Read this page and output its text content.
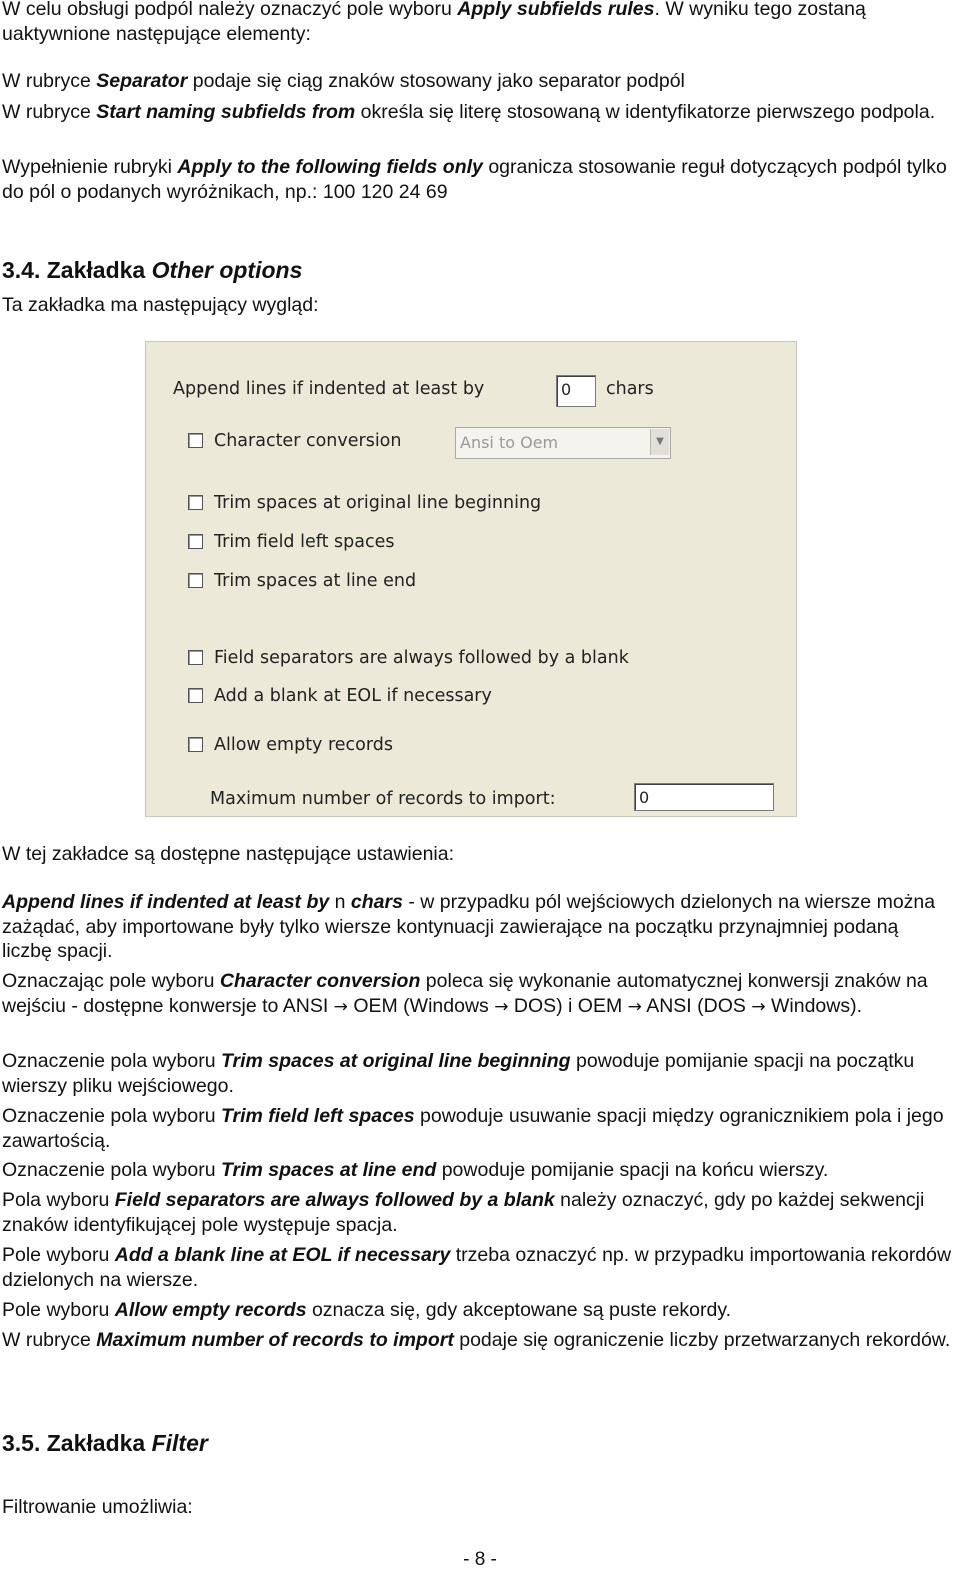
W celu obsługi podpól należy oznaczyć pole wyboru Apply subfields rules. W wyniku tego zostaną uaktywnione następujące elementy:

W rubryce Separator podaje się ciąg znaków stosowany jako separator podpól

W rubryce Start naming subfields from określa się literę stosowaną w identyfikatorze pierwszego podpola.

Wypełnienie rubryki Apply to the following fields only ogranicza stosowanie reguł dotyczących podpól tylko do pól o podanych wyróżnikach, np.: 100 120 24 69

3.4. Zakładka Other options

Ta zakładka ma następujący wygląd:

Append lines if indented at least by	0	chars
Character conversion	Ansi to Oem	▼
Trim spaces at original line beginning
Trim field left spaces
Trim spaces at line end
Field separators are always followed by a blank
Add a blank at EOL if necessary
Allow empty records
Maximum number of records to import:	0

W tej zakładce są dostępne następujące ustawienia:

Append lines if indented at least by n chars - w przypadku pól wejściowych dzielonych na wiersze można zażądać, aby importowane były tylko wiersze kontynuacji zawierające na początku przynajmniej podaną liczbę spacji.

Oznaczając pole wyboru Character conversion poleca się wykonanie automatycznej konwersji znaków na wejściu - dostępne konwersje to ANSI → OEM (Windows → DOS) i OEM → ANSI (DOS → Windows).

Oznaczenie pola wyboru Trim spaces at original line beginning powoduje pomijanie spacji na początku wierszy pliku wejściowego.

Oznaczenie pola wyboru Trim field left spaces powoduje usuwanie spacji między ogranicznikiem pola i jego zawartością.

Oznaczenie pola wyboru Trim spaces at line end powoduje pomijanie spacji na końcu wierszy.

Pola wyboru Field separators are always followed by a blank należy oznaczyć, gdy po każdej sekwencji znaków identyfikującej pole występuje spacja.

Pole wyboru Add a blank line at EOL if necessary trzeba oznaczyć np. w przypadku importowania rekordów dzielonych na wiersze.

Pole wyboru Allow empty records oznacza się, gdy akceptowane są puste rekordy.

W rubryce Maximum number of records to import podaje się ograniczenie liczby przetwarzanych rekordów.

3.5. Zakładka Filter

Filtrowanie umożliwia:

- 8 -
